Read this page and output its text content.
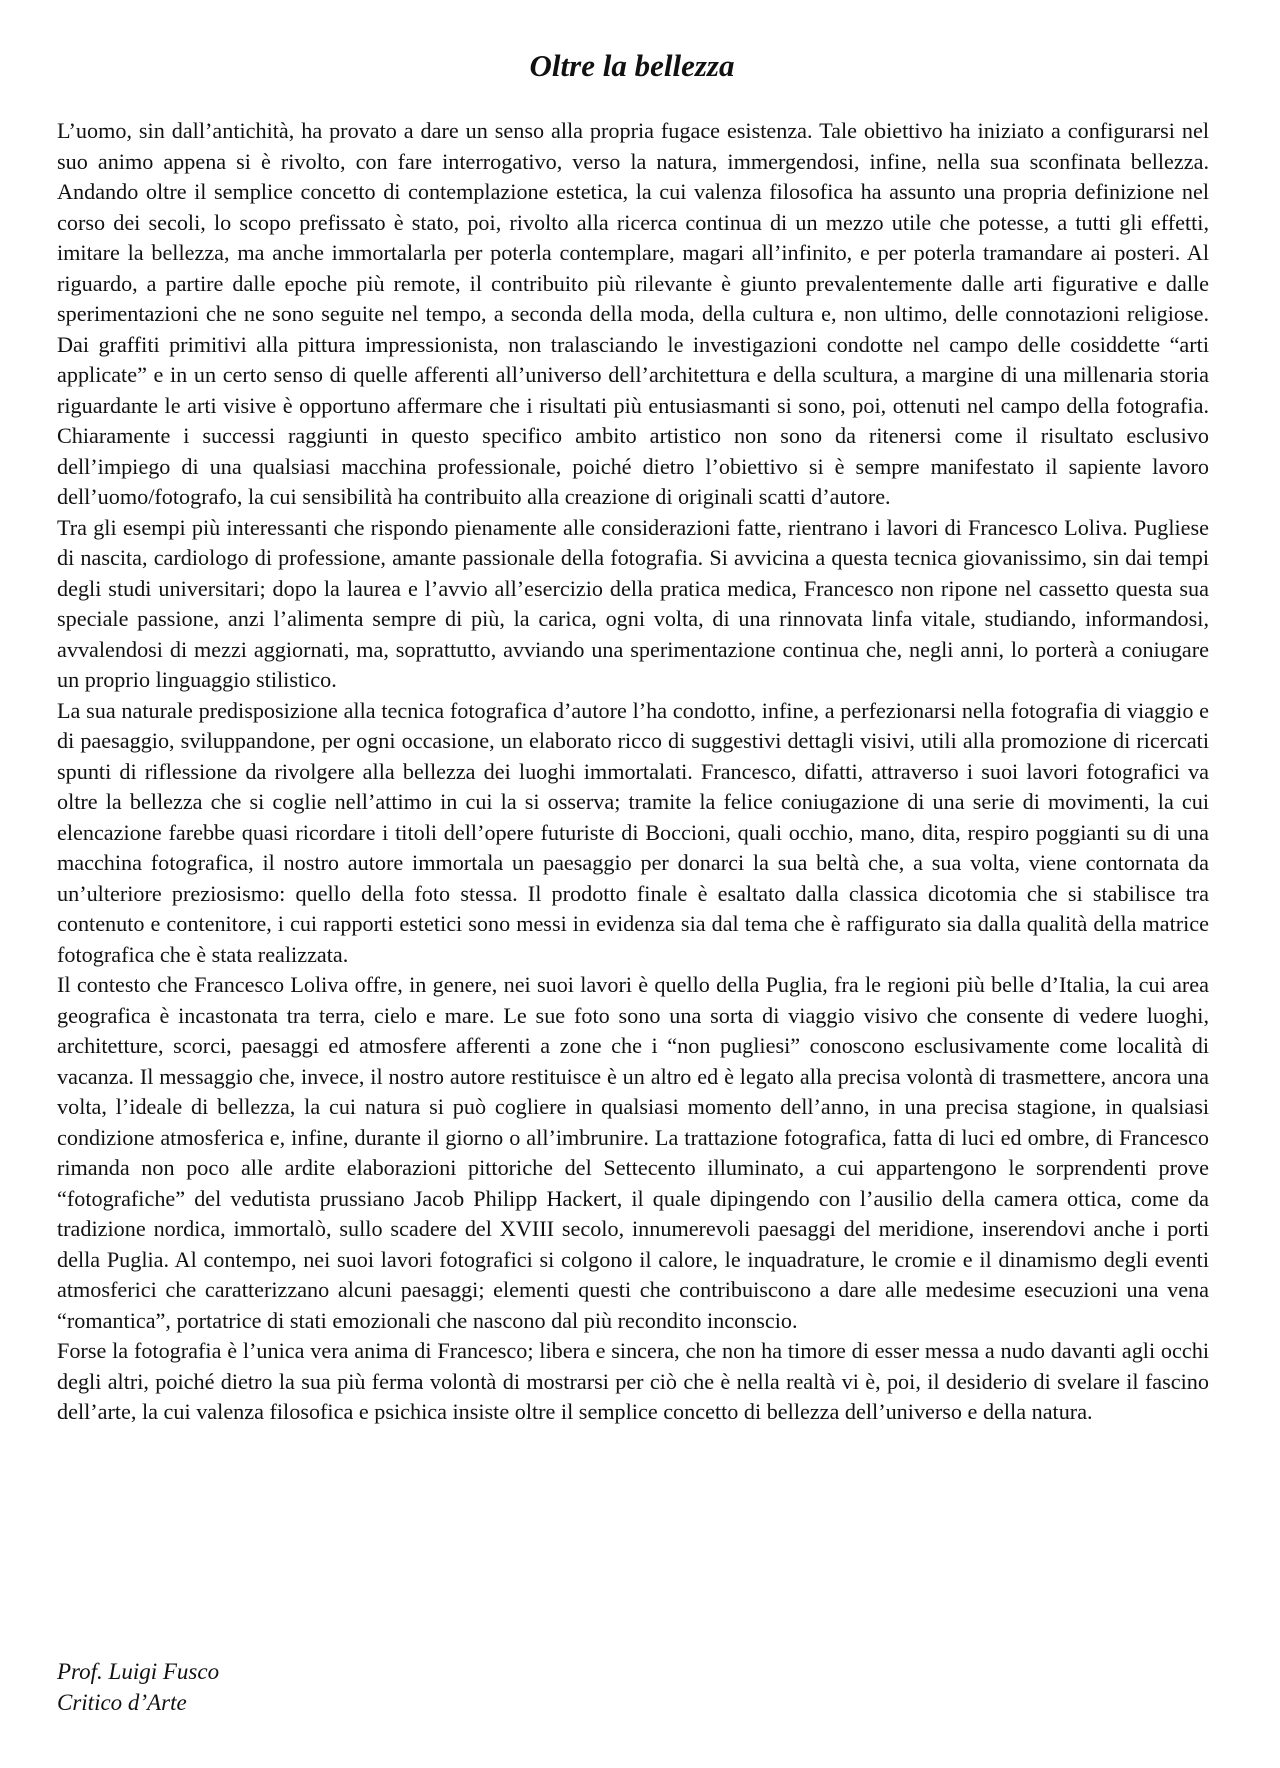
Oltre la bellezza

L’uomo, sin dall’antichità, ha provato a dare un senso alla propria fugace esistenza. Tale obiettivo ha iniziato a configurarsi nel suo animo appena si è rivolto, con fare interrogativo, verso la natura, immergendosi, infine, nella sua sconfinata bellezza. Andando oltre il semplice concetto di contemplazione estetica, la cui valenza filosofica ha assunto una propria definizione nel corso dei secoli, lo scopo prefissato è stato, poi, rivolto alla ricerca continua di un mezzo utile che potesse, a tutti gli effetti, imitare la bellezza, ma anche immortalarla per poterla contemplare, magari all’infinito, e per poterla tramandare ai posteri. Al riguardo, a partire dalle epoche più remote, il contribuito più rilevante è giunto prevalentemente dalle arti figurative e dalle sperimentazioni che ne sono seguite nel tempo, a seconda della moda, della cultura e, non ultimo, delle connotazioni religiose. Dai graffiti primitivi alla pittura impressionista, non tralasciando le investigazioni condotte nel campo delle cosiddette “arti applicate” e in un certo senso di quelle afferenti all’universo dell’architettura e della scultura, a margine di una millenaria storia riguardante le arti visive è opportuno affermare che i risultati più entusiasmanti si sono, poi, ottenuti nel campo della fotografia. Chiaramente i successi raggiunti in questo specifico ambito artistico non sono da ritenersi come il risultato esclusivo dell’impiego di una qualsiasi macchina professionale, poiché dietro l’obiettivo si è sempre manifestato il sapiente lavoro dell’uomo/fotografo, la cui sensibilità ha contribuito alla creazione di originali scatti d’autore.

Tra gli esempi più interessanti che rispondo pienamente alle considerazioni fatte, rientrano i lavori di Francesco Loliva. Pugliese di nascita, cardiologo di professione, amante passionale della fotografia. Si avvicina a questa tecnica giovanissimo, sin dai tempi degli studi universitari; dopo la laurea e l’avvio all’esercizio della pratica medica, Francesco non ripone nel cassetto questa sua speciale passione, anzi l’alimenta sempre di più, la carica, ogni volta, di una rinnovata linfa vitale, studiando, informandosi, avvalendosi di mezzi aggiornati, ma, soprattutto, avviando una sperimentazione continua che, negli anni, lo porterà a coniugare un proprio linguaggio stilistico.

La sua naturale predisposizione alla tecnica fotografica d’autore l’ha condotto, infine, a perfezionarsi nella fotografia di viaggio e di paesaggio, sviluppandone, per ogni occasione, un elaborato ricco di suggestivi dettagli visivi, utili alla promozione di ricercati spunti di riflessione da rivolgere alla bellezza dei luoghi immortalati. Francesco, difatti, attraverso i suoi lavori fotografici va oltre la bellezza che si coglie nell’attimo in cui la si osserva; tramite la felice coniugazione di una serie di movimenti, la cui elencazione farebbe quasi ricordare i titoli dell’opere futuriste di Boccioni, quali occhio, mano, dita, respiro poggianti su di una macchina fotografica, il nostro autore immortala un paesaggio per donarci la sua beltà che, a sua volta, viene contornata da un’ulteriore preziosismo: quello della foto stessa. Il prodotto finale è esaltato dalla classica dicotomia che si stabilisce tra contenuto e contenitore, i cui rapporti estetici sono messi in evidenza sia dal tema che è raffigurato sia dalla qualità della matrice fotografica che è stata realizzata.

Il contesto che Francesco Loliva offre, in genere, nei suoi lavori è quello della Puglia, fra le regioni più belle d’Italia, la cui area geografica è incastonata tra terra, cielo e mare. Le sue foto sono una sorta di viaggio visivo che consente di vedere luoghi, architetture, scorci, paesaggi ed atmosfere afferenti a zone che i “non pugliesi” conoscono esclusivamente come località di vacanza. Il messaggio che, invece, il nostro autore restituisce è un altro ed è legato alla precisa volontà di trasmettere, ancora una volta, l’ideale di bellezza, la cui natura si può cogliere in qualsiasi momento dell’anno, in una precisa stagione, in qualsiasi condizione atmosferica e, infine, durante il giorno o all’imbrunire. La trattazione fotografica, fatta di luci ed ombre, di Francesco rimanda non poco alle ardite elaborazioni pittoriche del Settecento illuminato, a cui appartengono le sorprendenti prove “fotografiche” del vedutista prussiano Jacob Philipp Hackert, il quale dipingendo con l’ausilio della camera ottica, come da tradizione nordica, immortalò, sullo scadere del XVIII secolo, innumerevoli paesaggi del meridione, inserendovi anche i porti della Puglia. Al contempo, nei suoi lavori fotografici si colgono il calore, le inquadrature, le cromie e il dinamismo degli eventi atmosferici che caratterizzano alcuni paesaggi; elementi questi che contribuiscono a dare alle medesime esecuzioni una vena “romantica”, portatrice di stati emozionali che nascono dal più recondito inconscio.

Forse la fotografia è l’unica vera anima di Francesco; libera e sincera, che non ha timore di esser messa a nudo davanti agli occhi degli altri, poiché dietro la sua più ferma volontà di mostrarsi per ciò che è nella realtà vi è, poi, il desiderio di svelare il fascino dell’arte, la cui valenza filosofica e psichica insiste oltre il semplice concetto di bellezza dell’universo e della natura.

Prof. Luigi Fusco
Critico d’Arte
